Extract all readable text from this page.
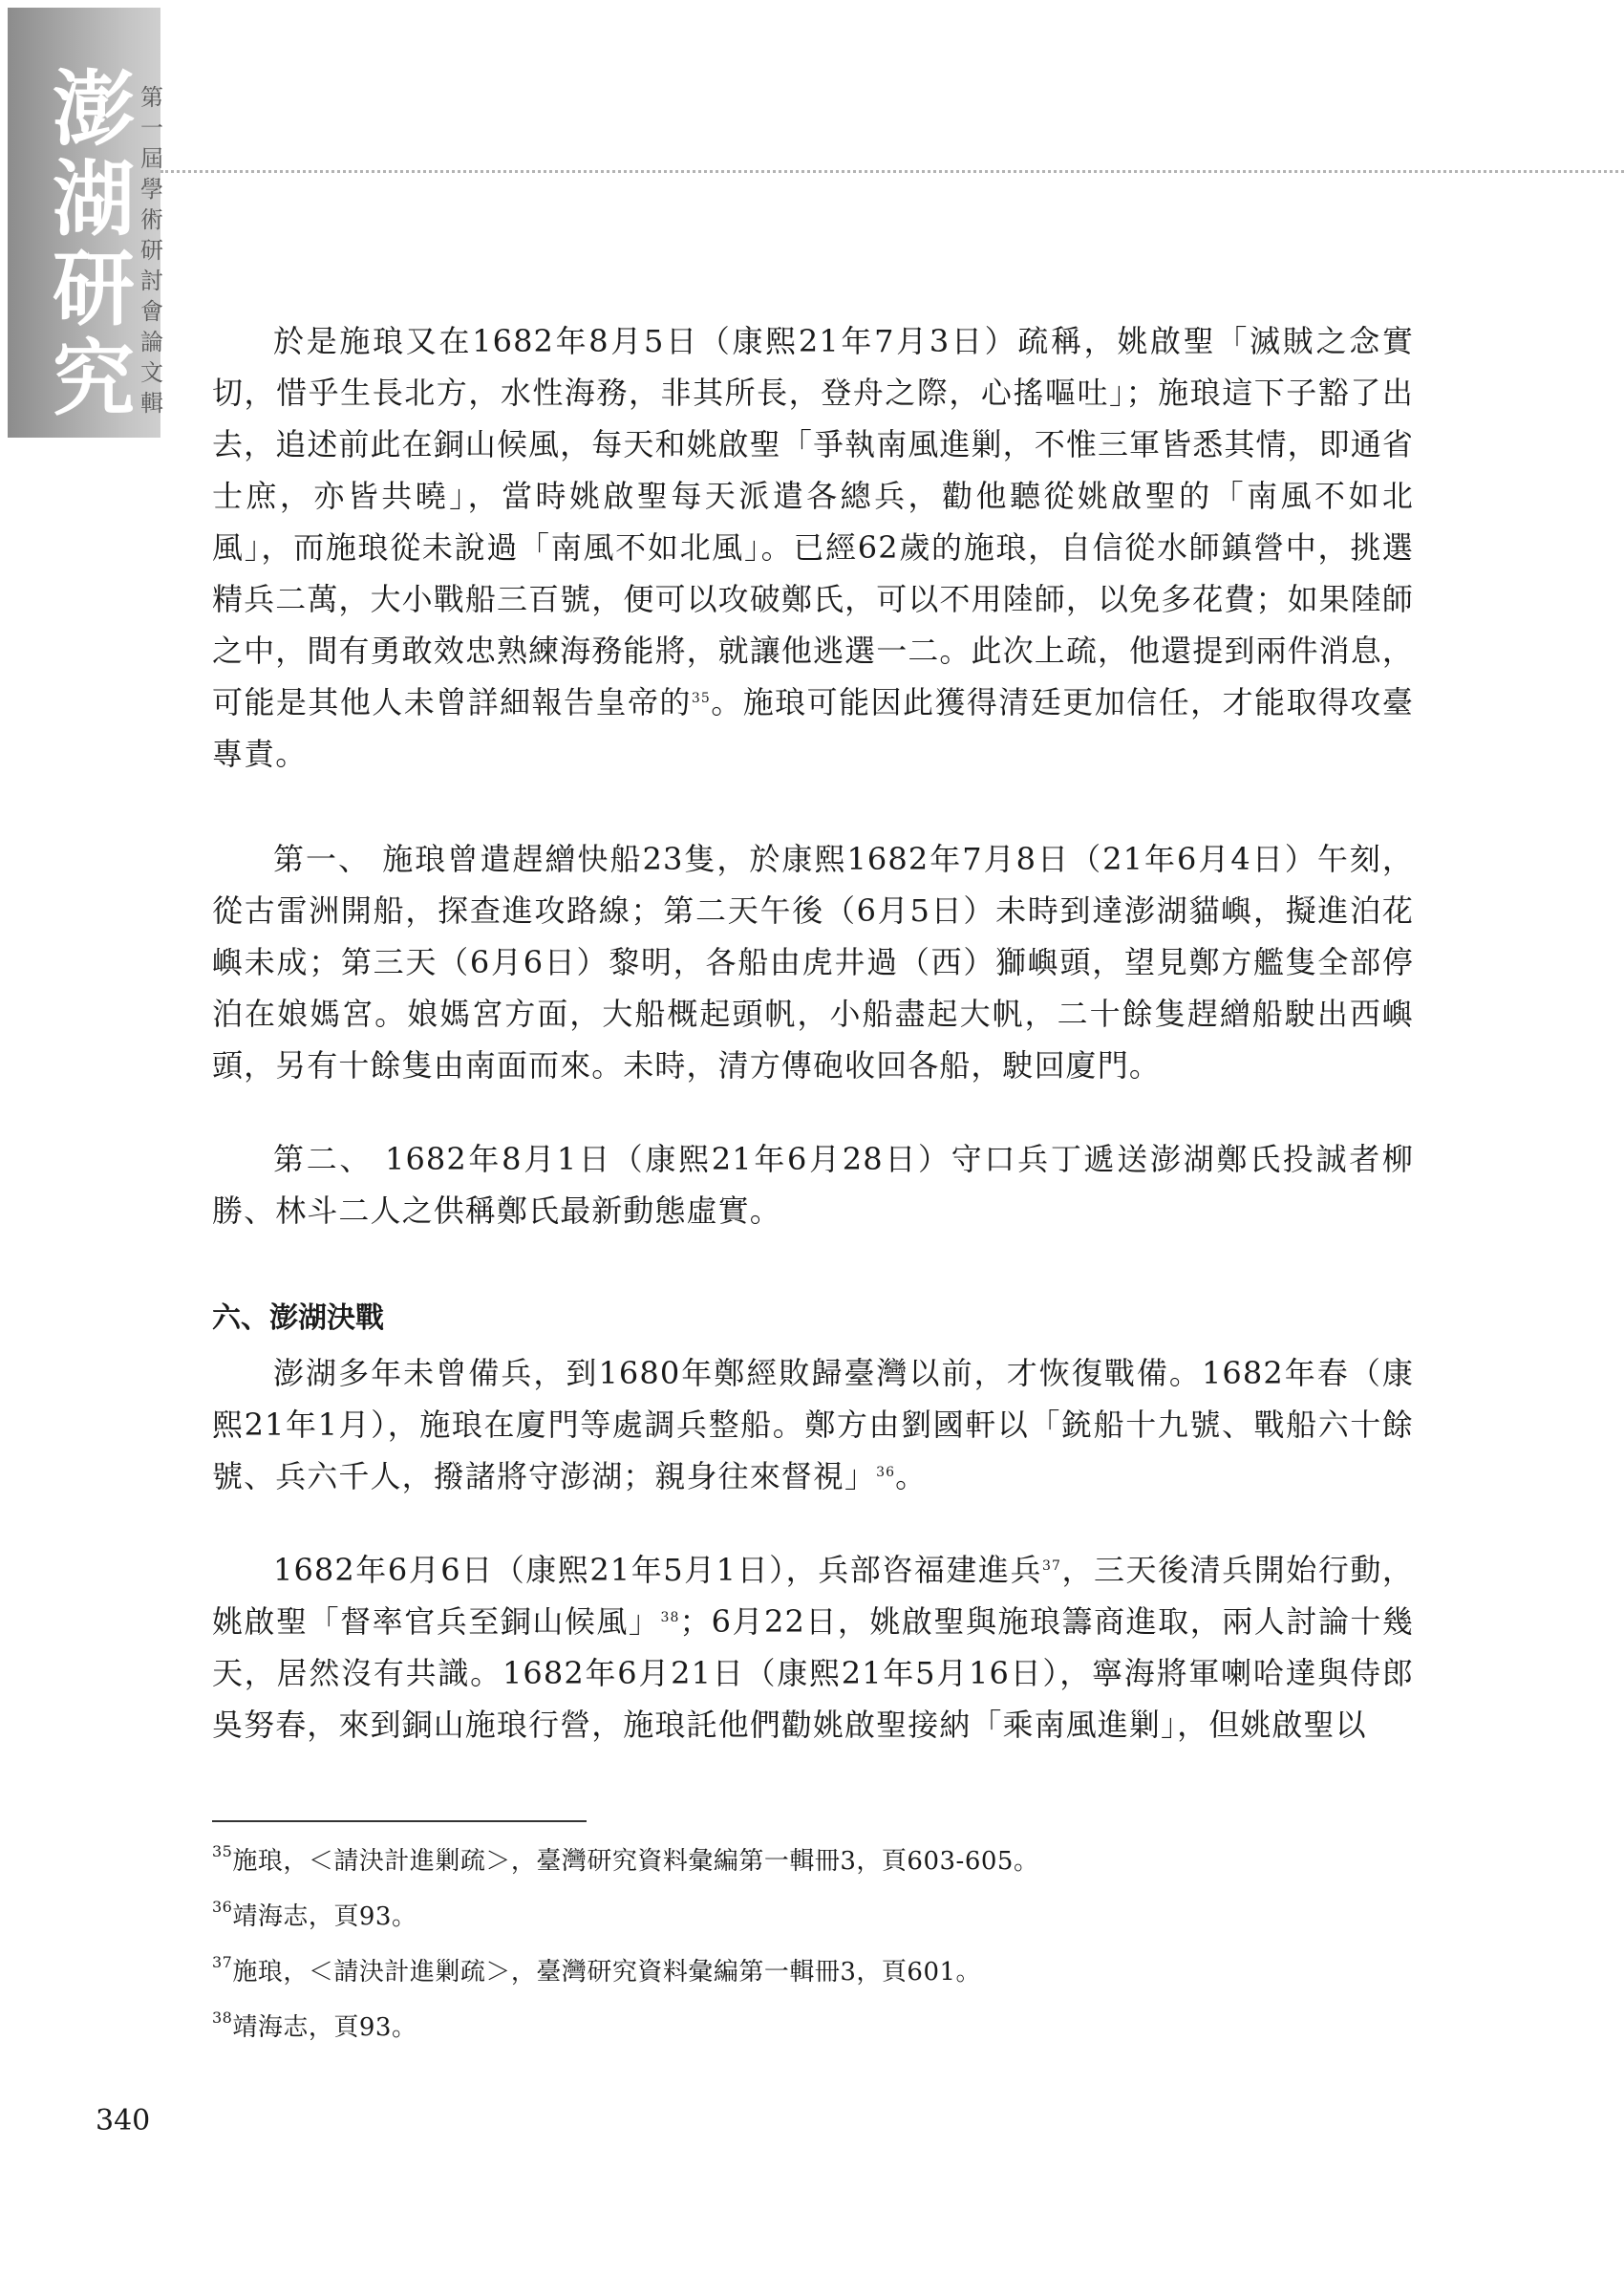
澎
湖
研
究
第
一
屆
學
術
研
討
會
論
文
輯

於是施琅又在1682年8月5日（康熙21年7月3日）疏稱，姚啟聖「滅賊之念實切，惜乎生長北方，水性海務，非其所長，登舟之際，心搖嘔吐」；施琅這下子豁了出去，追述前此在銅山候風，每天和姚啟聖「爭執南風進剿，不惟三軍皆悉其情，即通省士庶，亦皆共曉」，當時姚啟聖每天派遣各總兵，勸他聽從姚啟聖的「南風不如北風」，而施琅從未說過「南風不如北風」。已經62歲的施琅，自信從水師鎮營中，挑選精兵二萬，大小戰船三百號，便可以攻破鄭氏，可以不用陸師，以免多花費；如果陸師之中，間有勇敢效忠熟練海務能將，就讓他逃選一二。此次上疏，他還提到兩件消息，可能是其他人未曾詳細報告皇帝的$^{35}$。施琅可能因此獲得清廷更加信任，才能取得攻臺專責。

第一、 施琅曾遣趕繒快船23隻，於康熙1682年7月8日（21年6月4日）午刻，從古雷洲開船，探查進攻路線；第二天午後（6月5日）未時到達澎湖貓嶼，擬進泊花嶼未成；第三天（6月6日）黎明，各船由虎井過（西）獅嶼頭，望見鄭方艦隻全部停泊在娘媽宮。娘媽宮方面，大船概起頭帆，小船盡起大帆，二十餘隻趕繒船駛出西嶼頭，另有十餘隻由南面而來。未時，清方傳砲收回各船，駛回廈門。

第二、 1682年8月1日（康熙21年6月28日）守口兵丁遞送澎湖鄭氏投誠者柳勝、林斗二人之供稱鄭氏最新動態虛實。

六、澎湖決戰

澎湖多年未曾備兵，到1680年鄭經敗歸臺灣以前，才恢復戰備。1682年春（康熙21年1月），施琅在廈門等處調兵整船。鄭方由劉國軒以「銃船十九號、戰船六十餘號、兵六千人，撥諸將守澎湖；親身往來督視」$^{36}$。

1682年6月6日（康熙21年5月1日），兵部咨福建進兵$^{37}$，三天後清兵開始行動，姚啟聖「督率官兵至銅山候風」$^{38}$；6月22日，姚啟聖與施琅籌商進取，兩人討論十幾天，居然沒有共識。1682年6月21日（康熙21年5月16日），寧海將軍喇哈達與侍郎吳努春，來到銅山施琅行營，施琅託他們勸姚啟聖接納「乘南風進剿」，但姚啟聖以

$^{35}$施琅，＜請決計進剿疏＞，臺灣研究資料彙編第一輯冊3，頁603-605。

$^{36}$靖海志，頁93。

$^{37}$施琅，＜請決計進剿疏＞，臺灣研究資料彙編第一輯冊3，頁601。

$^{38}$靖海志，頁93。

340
